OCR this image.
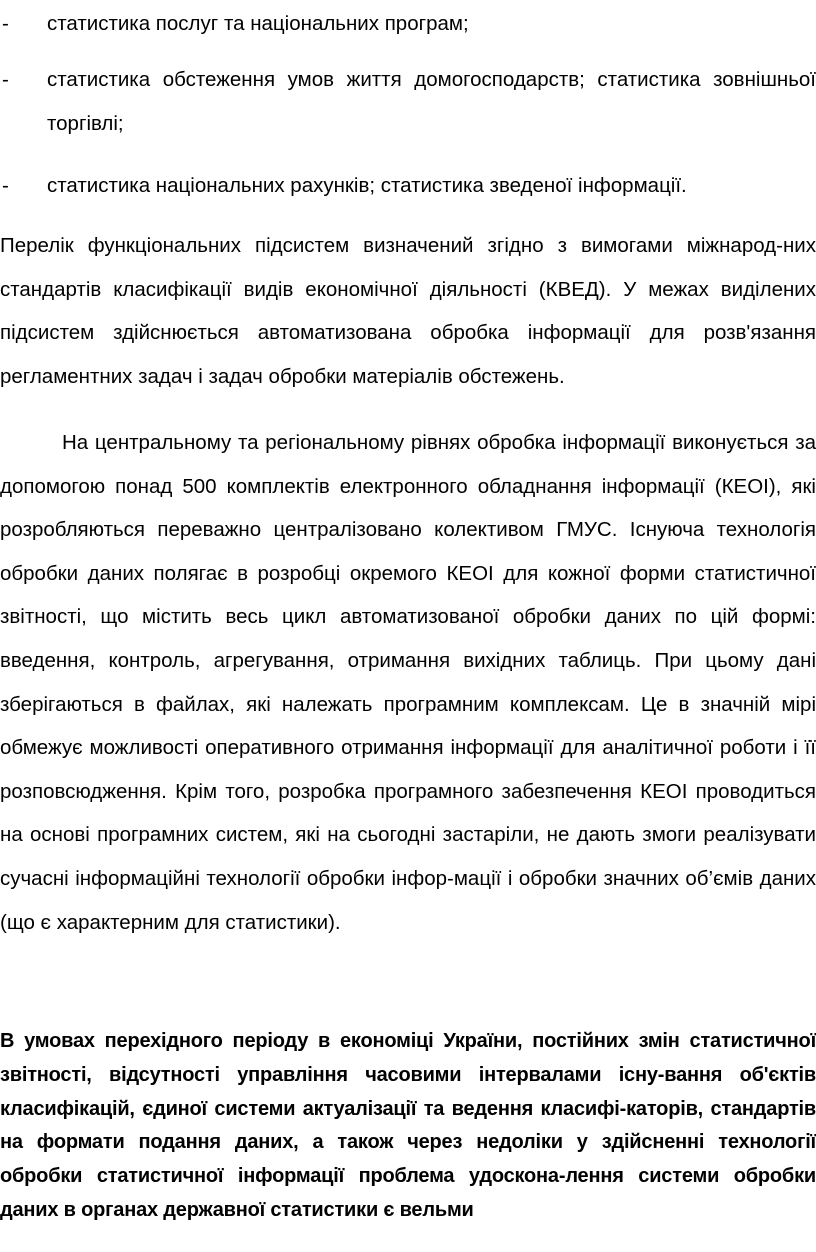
- статистика послуг та національних програм;
- статистика обстеження умов життя домогосподарств; статистика зовнішньої торгівлі;
- статистика національних рахунків; статистика зведеної інформації.

Перелік функціональних підсистем визначений згідно з вимогами міжнарод-них стандартів класифікації видів економічної діяльності (КВЕД). У межах виділених підсистем здійснюється автоматизована обробка інформації для розв'язання регламентних задач і задач обробки матеріалів обстежень.

На центральному та регіональному рівнях обробка інформації виконується за допомогою понад 500 комплектів електронного обладнання інформації (КЕОІ), які розробляються переважно централізовано колективом ГМУС. Існуюча технологія обробки даних полягає в розробці окремого КЕОІ для кожної форми статистичної звітності, що містить весь цикл автоматизованої обробки даних по цій формі: введення, контроль, агрегування, отримання вихідних таблиць. При цьому дані зберігаються в файлах, які належать програмним комплексам. Це в значній мірі обмежує можливості оперативного отримання інформації для аналітичної роботи і її розповсюдження. Крім того, розробка програмного забезпечення КЕОІ проводиться на основі програмних систем, які на сьогодні застаріли, не дають змоги реалізувати сучасні інформаційні технології обробки інфор-мації і обробки значних об’ємів даних (що є характерним для статистики).

В умовах перехідного періоду в економіці України, постійних змін статистичної звітності, відсутності управління часовими інтервалами існу-вання об'єктів класифікацій, єдиної системи актуалізації та ведення класифі-каторів, стандартів на формати подання даних, а також через недоліки у здійсненні технології обробки статистичної інформації проблема удоскона-лення системи обробки даних в органах державної статистики є вельми
